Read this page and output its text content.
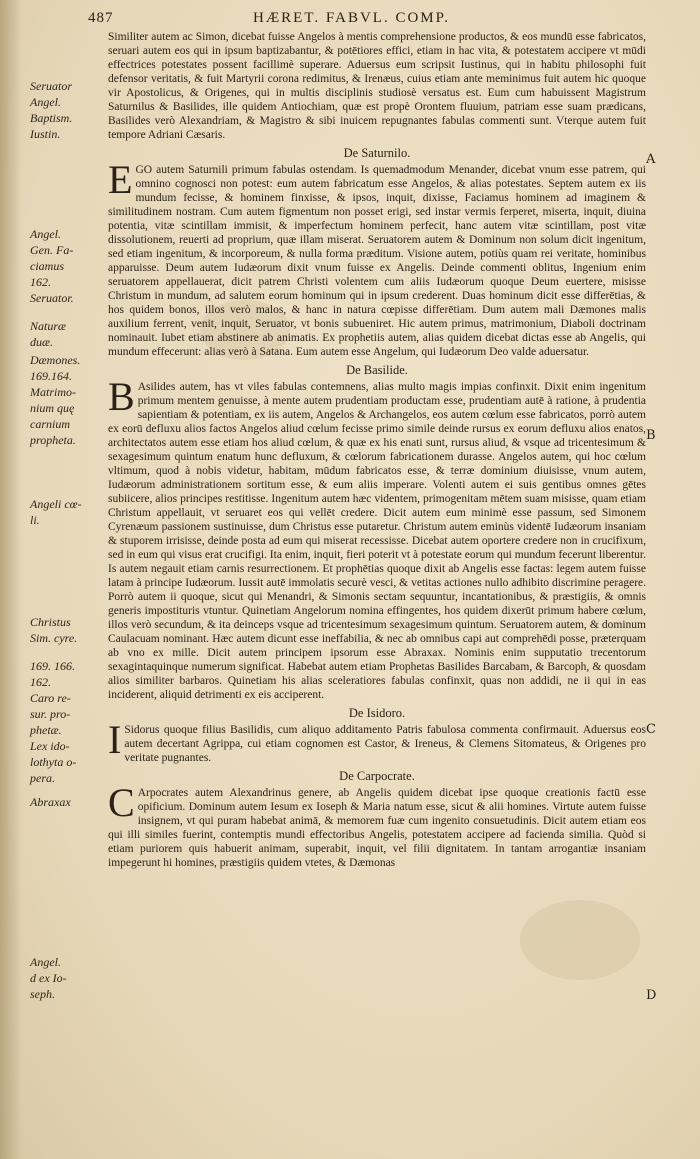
487	HÆRET. FABVL. COMP.
Seruator
Angel.
Baptism.
Iustin.
Angel.
Gen. Fa-
ciamus
162.
Seruator.
Naturæ
duæ.
Dæmones.
169.164.
Matrimo-
nium quę
carnium
propheta.
Angeli cœ-
li.
Christus
Sim. cyre.
169. 166.
162.
Caro re-
sur. pro-
phetæ.
Lex ido-
lothyta o-
pera.
Abraxax
Angel.
d ex Io-
seph.
A
B
C
D

Similiter autem ac Simon, dicebat fuisse Angelos à mentis comprehensione productos, & eos mundū esse fabricatos, seruari autem eos qui in ipsum baptizabantur, & potētiores effici, etiam in hac vita, & potestatem accipere vt mūdi effectrices potestates possent facillimè superare. Aduersus eum scripsit Iustinus, qui in habitu philosophi fuit defensor veritatis, & fuit Martyrii corona redimitus, & Irenæus, cuius etiam ante meminimus fuit autem hic quoque vir Apostolicus, & Origenes, qui in multis disciplinis studiosè versatus est. Eum cum habuissent Magistrum Saturnilus & Basilides, ille quidem Antiochiam, quæ est propè Orontem fluuium, patriam esse suam prædicans, Basilides verò Alexandriam, & Magistro & sibi inuicem repugnantes fabulas commenti sunt. Vterque autem fuit tempore Adriani Cæsaris.

De Saturnilo.

EGO autem Saturnili primum fabulas ostendam. Is quemadmodum Menander, dicebat vnum esse patrem, qui omnino cognosci non potest: eum autem fabricatum esse Angelos, & alias potestates. Septem autem ex iis mundum fecisse, & hominem finxisse, & ipsos, inquit, dixisse, Faciamus hominem ad imaginem & similitudinem nostram. Cum autem figmentum non posset erigi, sed instar vermis ferperet, miserta, inquit, diuina potentia, vitæ scintillam immisit, & imperfectum hominem perfecit, hanc autem vitæ scintillam, post vitæ dissolutionem, reuerti ad proprium, quæ illam miserat. Seruatorem autem & Dominum non solum dicit ingenitum, sed etiam ingenitum, & incorporeum, & nulla forma præditum. Visione autem, potiùs quam rei veritate, hominibus apparuisse. Deum autem Iudæorum dixit vnum fuisse ex Angelis. Deinde commenti oblitus, Ingenium enim seruatorem appellauerat, dicit patrem Christi volentem cum aliis Iudæorum quoque Deum euertere, misisse Christum in mundum, ad salutem eorum hominum qui in ipsum crederent. Duas hominum dicit esse differētias, & hos quidem bonos, illos verò malos, & hanc in natura cœpisse differētiam. Dum autem mali Dæmones malis auxilium ferrent, venit, inquit, Seruator, vt bonis subueniret. Hic autem primus, matrimonium, Diaboli doctrinam nominauit. Iubet etiam abstinere ab animatis. Ex prophetiis autem, alias quidem dicebat dictas esse ab Angelis, qui mundum effecerunt: alias verò à Satana. Eum autem esse Angelum, qui Iudæorum Deo valde aduersatur.

De Basilide.

B Asilides autem, has vt viles fabulas contemnens, alias multo magis impias confinxit. Dixit enim ingenitum primum mentem genuisse, à mente autem prudentiam productam esse, prudentiam autē à ratione, à prudentia sapientiam & potentiam, ex iis autem, Angelos & Archangelos, eos autem cœlum esse fabricatos, porrò autem ex eorū defluxu alios factos Angelos aliud cœlum fecisse primo simile deinde rursus ex eorum defluxu alios enatos, architectatos autem esse etiam hos aliud cœlum, & quæ ex his enati sunt, rursus aliud, & vsque ad tricentesimum & sexagesimum quintum enatum hunc defluxum, & cœlorum fabricationem durasse. Angelos autem, qui hoc cœlum vltimum, quod à nobis videtur, habitam, mūdum fabricatos esse, & terræ dominium diuisisse, vnum autem, Iudæorum administrationem sortitum esse, & eum aliis imperare. Volenti autem ei suis gentibus omnes gētes subiicere, alios principes restitisse. Ingenitum autem hæc videntem, primogenitam mētem suam misisse, quam etiam Christum appellauit, vt seruaret eos qui vellēt credere. Dicit autem eum minimè esse passum, sed Simonem Cyrenæum passionem sustinuisse, dum Christus esse putaretur. Christum autem eminùs videntē Iudæorum insaniam & stuporem irrisisse, deinde posta ad eum qui miserat recessisse. Dicebat autem oportere credere non in crucifixum, sed in eum qui visus erat crucifigi. Ita enim, inquit, fieri poterit vt à potestate eorum qui mundum fecerunt liberentur. Is autem negauit etiam carnis resurrectionem. Et prophētias quoque dixit ab Angelis esse factas: legem autem fuisse latam à principe Iudæorum. Iussit autē immolatis securè vesci, & vetitas actiones nullo adhibito discrimine peragere. Porrò autem ii quoque, sicut qui Menandri, & Simonis sectam sequuntur, incantationibus, & præstigiis, & omnis generis impostituris vtuntur. Quinetiam Angelorum nomina effingentes, hos quidem dixerūt primum habere cœlum, illos verò secundum, & ita deinceps vsque ad tricentesimum sexagesimum quintum. Seruatorem autem, & dominum Caulacuam nominant. Hæc autem dicunt esse ineffabilia, & nec ab omnibus capi aut comprehēdi posse, præterquam ab vno ex mille. Dicit autem principem ipsorum esse Abraxax. Nominis enim supputatio trecentorum sexagintaquinque numerum significat. Habebat autem etiam Prophetas Basilides Barcabam, & Barcoph, & quosdam alios similiter barbaros. Quinetiam his alias sceleratiores fabulas confinxit, quas non addidi, ne ii qui in eas inciderent, aliquid detrimenti ex eis acciperent.

De Isidoro.

I Sidorus quoque filius Basilidis, cum aliquo additamento Patris fabulosa commenta confirmauit. Aduersus eos autem decertant Agrippa, cui etiam cognomen est Castor, & Ireneus, & Clemens Sitomateus, & Origenes pro veritate pugnantes.

De Carpocrate.

C Arpocrates autem Alexandrinus genere, ab Angelis quidem dicebat ipse quoque creationis factū esse opificium. Dominum autem Iesum ex Ioseph & Maria natum esse, sicut & alii homines. Virtute autem fuisse insignem, vt qui puram habebat animā, & memorem fuæ cum ingenito consuetudinis. Dicit autem etiam eos qui illi similes fuerint, contemptis mundi effectoribus Angelis, potestatem accipere ad facienda similia. Quòd si etiam puriorem quis habuerit animam, superabit, inquit, vel filii dignitatem. In tantam arrogantiæ insaniam impegerunt hi homines, præstigiis quidem vtetes, & Dæmonas
